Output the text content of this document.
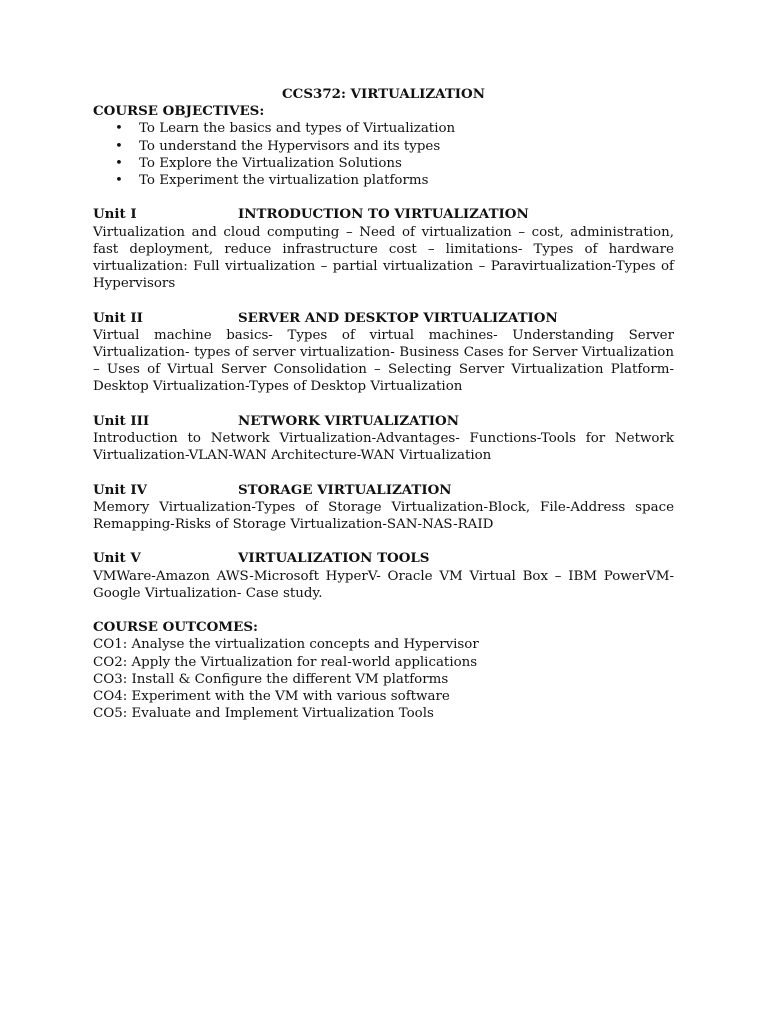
CCS372: VIRTUALIZATION

COURSE OBJECTIVES:

• To Learn the basics and types of Virtualization
• To understand the Hypervisors and its types
• To Explore the Virtualization Solutions
• To Experiment the virtualization platforms
Unit I	INTRODUCTION TO VIRTUALIZATION

Virtualization and cloud computing – Need of virtualization – cost, administration, fast deployment, reduce infrastructure cost – limitations- Types of hardware virtualization: Full virtualization – partial virtualization – Paravirtualization-Types of Hypervisors

Unit II	SERVER AND DESKTOP VIRTUALIZATION

Virtual machine basics- Types of virtual machines- Understanding Server Virtualization- types of server virtualization- Business Cases for Server Virtualization – Uses of Virtual Server Consolidation – Selecting Server Virtualization Platform-Desktop Virtualization-Types of Desktop Virtualization

Unit III	NETWORK VIRTUALIZATION

Introduction to Network Virtualization-Advantages- Functions-Tools for Network Virtualization-VLAN-WAN Architecture-WAN Virtualization

Unit IV	STORAGE VIRTUALIZATION

Memory Virtualization-Types of Storage Virtualization-Block, File-Address space Remapping-Risks of Storage Virtualization-SAN-NAS-RAID

Unit V	VIRTUALIZATION TOOLS

VMWare-Amazon AWS-Microsoft HyperV- Oracle VM Virtual Box – IBM PowerVM- Google Virtualization- Case study.

COURSE OUTCOMES:

CO1: Analyse the virtualization concepts and Hypervisor

CO2: Apply the Virtualization for real-world applications

CO3: Install & Configure the different VM platforms

CO4: Experiment with the VM with various software

CO5: Evaluate and Implement Virtualization Tools
